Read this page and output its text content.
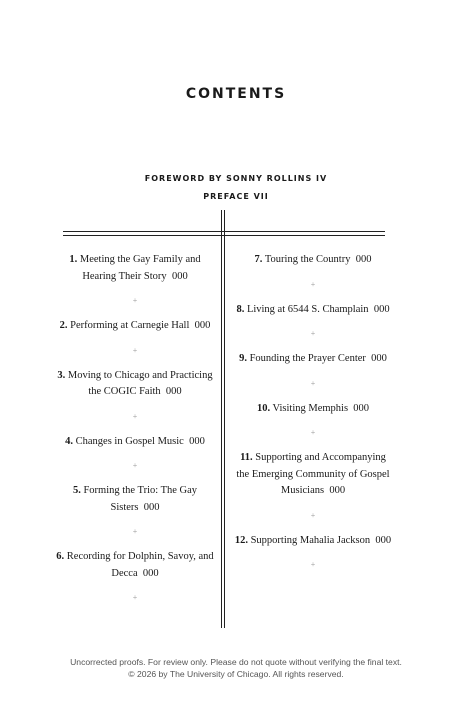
CONTENTS
FOREWORD BY SONNY ROLLINS IV
PREFACE VII
1. Meeting the Gay Family and Hearing Their Story 000
+
2. Performing at Carnegie Hall 000
+
3. Moving to Chicago and Practicing the COGIC Faith 000
+
4. Changes in Gospel Music 000
+
5. Forming the Trio: The Gay Sisters 000
+
6. Recording for Dolphin, Savoy, and Decca 000
+
7. Touring the Country 000
+
8. Living at 6544 S. Champlain 000
+
9. Founding the Prayer Center 000
+
10. Visiting Memphis 000
+
11. Supporting and Accompanying the Emerging Community of Gospel Musicians 000
+
12. Supporting Mahalia Jackson 000
+
Uncorrected proofs. For review only. Please do not quote without verifying the final text.
© 2026 by The University of Chicago. All rights reserved.
